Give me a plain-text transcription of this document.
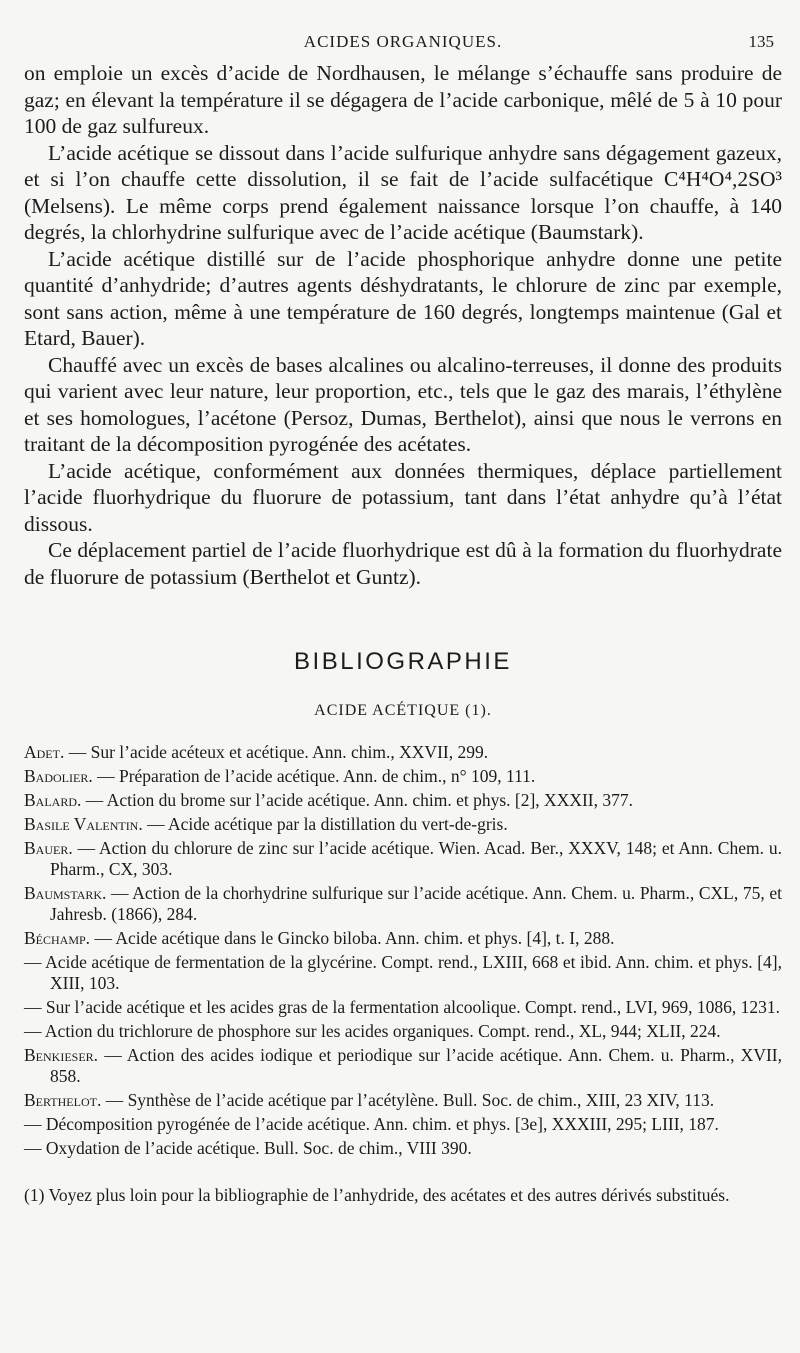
ACIDES ORGANIQUES.	135

on emploie un excès d’acide de Nordhausen, le mélange s’échauffe sans produire de gaz; en élevant la température il se dégagera de l’acide carbonique, mêlé de 5 à 10 pour 100 de gaz sulfureux.

L’acide acétique se dissout dans l’acide sulfurique anhydre sans dégagement gazeux, et si l’on chauffe cette dissolution, il se fait de l’acide sulfacétique C⁴H⁴O⁴,2SO³ (Melsens). Le même corps prend également naissance lorsque l’on chauffe, à 140 degrés, la chlorhydrine sulfurique avec de l’acide acétique (Baumstark).

L’acide acétique distillé sur de l’acide phosphorique anhydre donne une petite quantité d’anhydride; d’autres agents déshydratants, le chlorure de zinc par exemple, sont sans action, même à une température de 160 degrés, longtemps maintenue (Gal et Etard, Bauer).

Chauffé avec un excès de bases alcalines ou alcalino-terreuses, il donne des produits qui varient avec leur nature, leur proportion, etc., tels que le gaz des marais, l’éthylène et ses homologues, l’acétone (Persoz, Dumas, Berthelot), ainsi que nous le verrons en traitant de la décomposition pyrogénée des acétates.

L’acide acétique, conformément aux données thermiques, déplace partiellement l’acide fluorhydrique du fluorure de potassium, tant dans l’état anhydre qu’à l’état dissous.

Ce déplacement partiel de l’acide fluorhydrique est dû à la formation du fluorhydrate de fluorure de potassium (Berthelot et Guntz).

BIBLIOGRAPHIE
ACIDE ACÉTIQUE (1).

Adet. — Sur l’acide acéteux et acétique. Ann. chim., XXVII, 299.

Badolier. — Préparation de l’acide acétique. Ann. de chim., n° 109, 111.

Balard. — Action du brome sur l’acide acétique. Ann. chim. et phys. [2], XXXII, 377.

Basile Valentin. — Acide acétique par la distillation du vert-de-gris.

Bauer. — Action du chlorure de zinc sur l’acide acétique. Wien. Acad. Ber., XXXV, 148; et Ann. Chem. u. Pharm., CX, 303.

Baumstark. — Action de la chorhydrine sulfurique sur l’acide acétique. Ann. Chem. u. Pharm., CXL, 75, et Jahresb. (1866), 284.

Béchamp. — Acide acétique dans le Gincko biloba. Ann. chim. et phys. [4], t. I, 288.

— Acide acétique de fermentation de la glycérine. Compt. rend., LXIII, 668 et ibid. Ann. chim. et phys. [4], XIII, 103.

— Sur l’acide acétique et les acides gras de la fermentation alcoolique. Compt. rend., LVI, 969, 1086, 1231.

— Action du trichlorure de phosphore sur les acides organiques. Compt. rend., XL, 944; XLII, 224.

Benkieser. — Action des acides iodique et periodique sur l’acide acétique. Ann. Chem. u. Pharm., XVII, 858.

Berthelot. — Synthèse de l’acide acétique par l’acétylène. Bull. Soc. de chim., XIII, 23 XIV, 113.

— Décomposition pyrogénée de l’acide acétique. Ann. chim. et phys. [3e], XXXIII, 295; LIII, 187.

— Oxydation de l’acide acétique. Bull. Soc. de chim., VIII 390.

(1) Voyez plus loin pour la bibliographie de l’anhydride, des acétates et des autres dérivés substitués.
